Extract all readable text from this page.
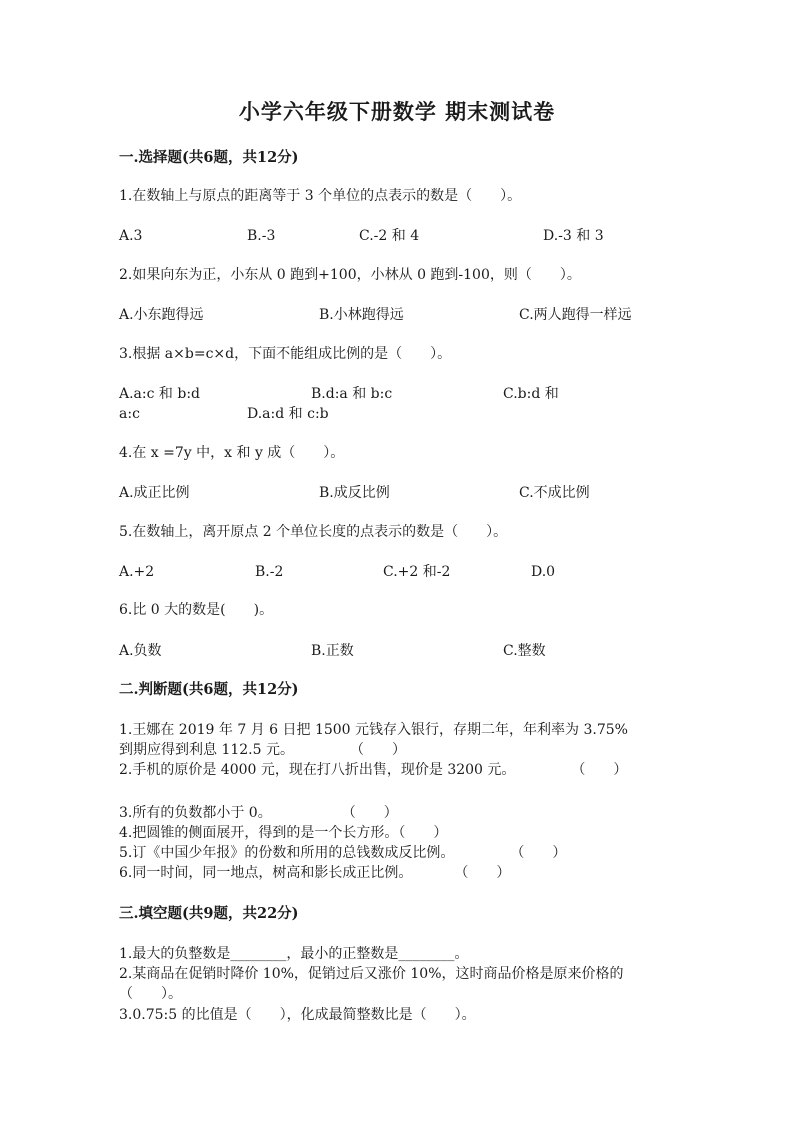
小学六年级下册数学 期末测试卷
一.选择题(共6题，共12分)
1.在数轴上与原点的距离等于 3 个单位的点表示的数是（　　）。
A.3	B.-3	C.-2 和 4	D.-3 和 3
2.如果向东为正，小东从 0 跑到+100，小林从 0 跑到-100，则（　　）。
A.小东跑得远	B.小林跑得远	C.两人跑得一样远
3.根据 a×b=c×d，下面不能组成比例的是（　　）。
A.a:c 和 b:d	B.d:a 和 b:c	C.b:d 和
a:c	D.a:d 和 c:b
4.在 x =7y 中，x 和 y 成（　　）。
A.成正比例	B.成反比例	C.不成比例
5.在数轴上，离开原点 2 个单位长度的点表示的数是（　　）。
A.+2	B.-2	C.+2 和-2	D.0
6.比 0 大的数是(　　)。
A.负数	B.正数	C.整数
二.判断题(共6题，共12分)
1.王娜在 2019 年 7 月 6 日把 1500 元钱存入银行，存期二年，年利率为 3.75%
到期应得到利息 112.5 元。　　　　　（　　）
2.手机的原价是 4000 元，现在打八折出售，现价是 3200 元。　　　　　（　　）
3.所有的负数都小于 0。　　　　　　（　　）
4.把圆锥的侧面展开，得到的是一个长方形。（　　）
5.订《中国少年报》的份数和所用的总钱数成反比例。　　　　　（　　）
6.同一时间，同一地点，树高和影长成正比例。　　　　（　　）
三.填空题(共9题，共22分)
1.最大的负整数是________，最小的正整数是________。
2.某商品在促销时降价 10%，促销过后又涨价 10%，这时商品价格是原来价格的
（　　）。
3.0.75:5 的比值是（　　），化成最简整数比是（　　）。
